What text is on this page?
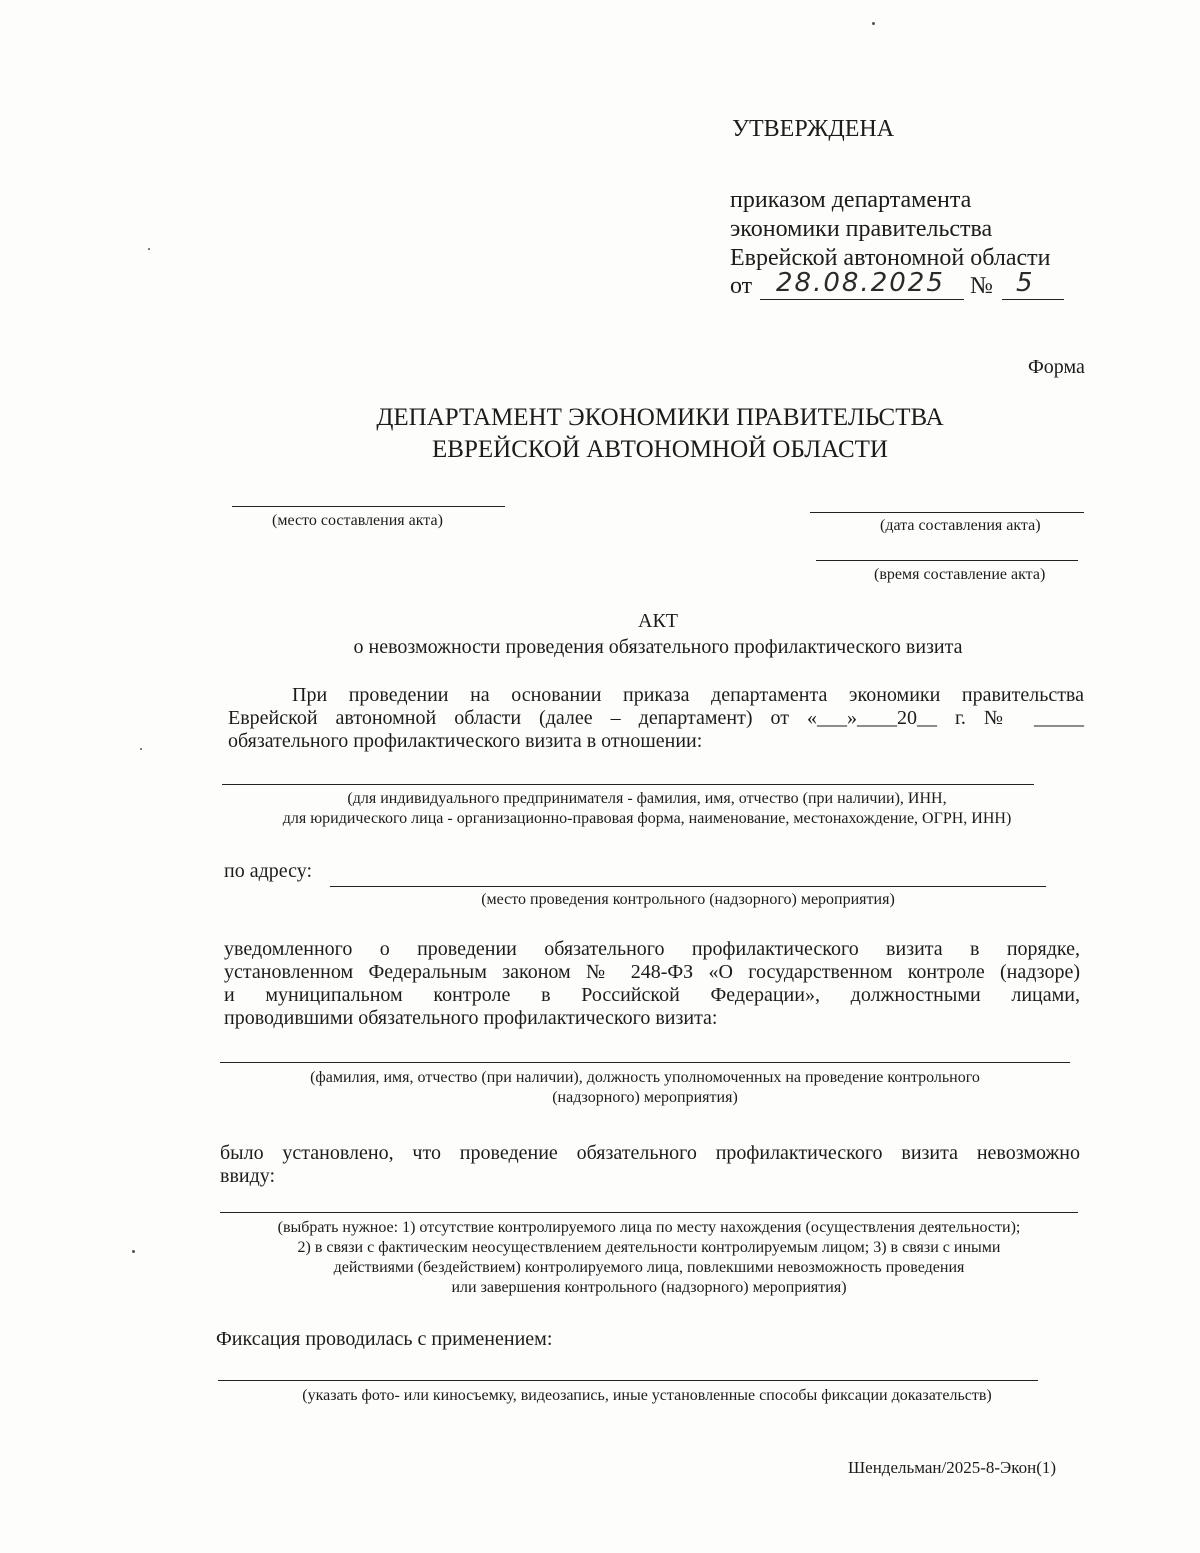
УТВЕРЖДЕНА
приказом департамента
экономики правительства
Еврейской автономной области
от 28.08.2025 № 5
Форма
ДЕПАРТАМЕНТ ЭКОНОМИКИ ПРАВИТЕЛЬСТВА
ЕВРЕЙСКОЙ АВТОНОМНОЙ ОБЛАСТИ
(место составления акта)	(дата составления акта)
(время составление акта)
АКТ
о невозможности проведения обязательного профилактического визита
При проведении на основании приказа департамента экономики правительства
Еврейской автономной области (далее – департамент) от «___»____20__ г. № _____
обязательного профилактического визита в отношении:
(для индивидуального предпринимателя - фамилия, имя, отчество (при наличии), ИНН,
для юридического лица - организационно-правовая форма, наименование, местонахождение, ОГРН, ИНН)
по адресу:
(место проведения контрольного (надзорного) мероприятия)
уведомленного о проведении обязательного профилактического визита в порядке,
установленном Федеральным законом № 248-ФЗ «О государственном контроле (надзоре)
и муниципальном контроле в Российской Федерации», должностными лицами,
проводившими обязательного профилактического визита:
(фамилия, имя, отчество (при наличии), должность уполномоченных на проведение контрольного
(надзорного) мероприятия)
было установлено, что проведение обязательного профилактического визита невозможно
ввиду:
(выбрать нужное: 1) отсутствие контролируемого лица по месту нахождения (осуществления деятельности);
2) в связи с фактическим неосуществлением деятельности контролируемым лицом; 3) в связи с иными
действиями (бездействием) контролируемого лица, повлекшими невозможность проведения
или завершения контрольного (надзорного) мероприятия)
Фиксация проводилась с применением:
(указать фото- или киносъемку, видеозапись, иные установленные способы фиксации доказательств)
Шендельман/2025-8-Экон(1)
